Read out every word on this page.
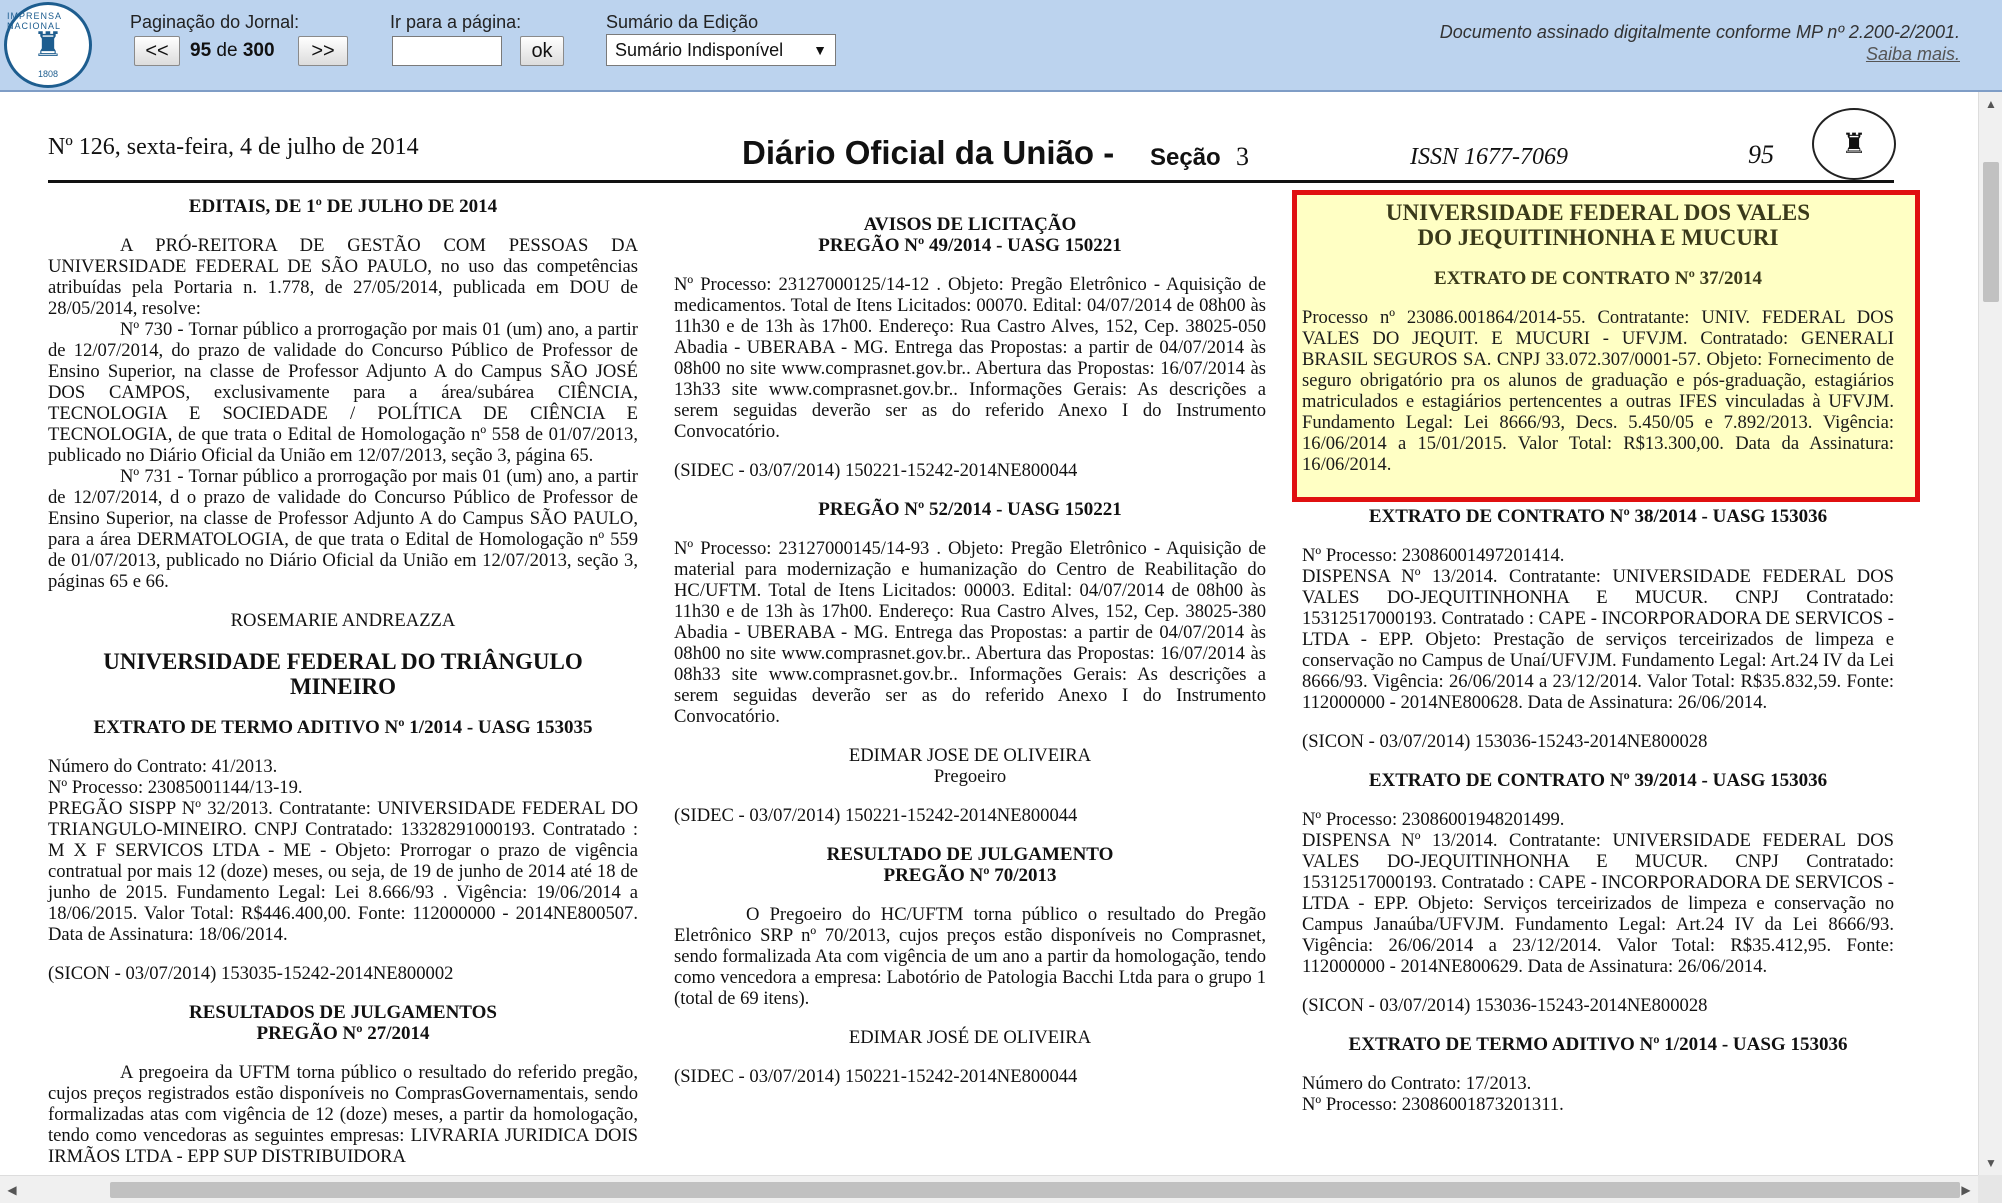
IMPRENSA NACIONAL
♜
1808
Paginação do Jornal:
<<	95 de 300	>>
Ir para a página:
ok
Sumário da Edição
Sumário Indisponível ▼
Documento assinado digitalmente conforme MP nº 2.200-2/2001.
Saiba mais.
Nº 126, sexta-feira, 4 de julho de 2014	Diário Oficial da União - Seção 3	ISSN 1677-7069	95	♜

EDITAIS, DE 1º DE JULHO DE 2014

A PRÓ-REITORA DE GESTÃO COM PESSOAS DA UNIVERSIDADE FEDERAL DE SÃO PAULO, no uso das competências atribuídas pela Portaria n. 1.778, de 27/05/2014, publicada em DOU de 28/05/2014, resolve:

Nº 730 - Tornar público a prorrogação por mais 01 (um) ano, a partir de 12/07/2014, do prazo de validade do Concurso Público de Professor de Ensino Superior, na classe de Professor Adjunto A do Campus SÃO JOSÉ DOS CAMPOS, exclusivamente para a área/subárea CIÊNCIA, TECNOLOGIA E SOCIEDADE / POLÍTICA DE CIÊNCIA E TECNOLOGIA, de que trata o Edital de Homologação nº 558 de 01/07/2013, publicado no Diário Oficial da União em 12/07/2013, seção 3, página 65.

Nº 731 - Tornar público a prorrogação por mais 01 (um) ano, a partir de 12/07/2014, d o prazo de validade do Concurso Público de Professor de Ensino Superior, na classe de Professor Adjunto A do Campus SÃO PAULO, para a área DERMATOLOGIA, de que trata o Edital de Homologação nº 559 de 01/07/2013, publicado no Diário Oficial da União em 12/07/2013, seção 3, páginas 65 e 66.

ROSEMARIE ANDREAZZA

UNIVERSIDADE FEDERAL DO TRIÂNGULO MINEIRO

EXTRATO DE TERMO ADITIVO Nº 1/2014 - UASG 153035

Número do Contrato: 41/2013.

Nº Processo: 23085001144/13-19.

PREGÃO SISPP Nº 32/2013. Contratante: UNIVERSIDADE FEDERAL DO TRIANGULO-MINEIRO. CNPJ Contratado: 13328291000193. Contratado : M X F SERVICOS LTDA - ME - Objeto: Prorrogar o prazo de vigência contratual por mais 12 (doze) meses, ou seja, de 19 de junho de 2014 até 18 de junho de 2015. Fundamento Legal: Lei 8.666/93 . Vigência: 19/06/2014 a 18/06/2015. Valor Total: R$446.400,00. Fonte: 112000000 - 2014NE800507. Data de Assinatura: 18/06/2014.

(SICON - 03/07/2014) 153035-15242-2014NE800002

RESULTADOS DE JULGAMENTOS

PREGÃO Nº 27/2014

A pregoeira da UFTM torna público o resultado do referido pregão, cujos preços registrados estão disponíveis no ComprasGovernamentais, sendo formalizadas atas com vigência de 12 (doze) meses, a partir da homologação, tendo como vencedoras as seguintes empresas: LIVRARIA JURIDICA DOIS IRMÃOS LTDA - EPP SUP DISTRIBUIDORA

AVISOS DE LICITAÇÃO

PREGÃO Nº 49/2014 - UASG 150221

Nº Processo: 23127000125/14-12 . Objeto: Pregão Eletrônico - Aquisição de medicamentos. Total de Itens Licitados: 00070. Edital: 04/07/2014 de 08h00 às 11h30 e de 13h às 17h00. Endereço: Rua Castro Alves, 152, Cep. 38025-050 Abadia - UBERABA - MG. Entrega das Propostas: a partir de 04/07/2014 às 08h00 no site www.comprasnet.gov.br.. Abertura das Propostas: 16/07/2014 às 13h33 site www.comprasnet.gov.br.. Informações Gerais: As descrições a serem seguidas deverão ser as do referido Anexo I do Instrumento Convocatório.

(SIDEC - 03/07/2014) 150221-15242-2014NE800044

PREGÃO Nº 52/2014 - UASG 150221

Nº Processo: 23127000145/14-93 . Objeto: Pregão Eletrônico - Aquisição de material para modernização e humanização do Centro de Reabilitação do HC/UFTM. Total de Itens Licitados: 00003. Edital: 04/07/2014 de 08h00 às 11h30 e de 13h às 17h00. Endereço: Rua Castro Alves, 152, Cep. 38025-380 Abadia - UBERABA - MG. Entrega das Propostas: a partir de 04/07/2014 às 08h00 no site www.comprasnet.gov.br.. Abertura das Propostas: 16/07/2014 às 08h33 site www.comprasnet.gov.br.. Informações Gerais: As descrições a serem seguidas deverão ser as do referido Anexo I do Instrumento Convocatório.

EDIMAR JOSE DE OLIVEIRA

Pregoeiro

(SIDEC - 03/07/2014) 150221-15242-2014NE800044

RESULTADO DE JULGAMENTO

PREGÃO Nº 70/2013

O Pregoeiro do HC/UFTM torna público o resultado do Pregão Eletrônico SRP nº 70/2013, cujos preços estão disponíveis no Comprasnet, sendo formalizada Ata com vigência de um ano a partir da homologação, tendo como vencedora a empresa: Labotório de Patologia Bacchi Ltda para o grupo 1 (total de 69 itens).

EDIMAR JOSÉ DE OLIVEIRA

(SIDEC - 03/07/2014) 150221-15242-2014NE800044

UNIVERSIDADE FEDERAL DOS VALES

DO JEQUITINHONHA E MUCURI

EXTRATO DE CONTRATO Nº 37/2014

Processo nº 23086.001864/2014-55. Contratante: UNIV. FEDERAL DOS VALES DO JEQUIT. E MUCURI - UFVJM. Contratado: GENERALI BRASIL SEGUROS SA. CNPJ 33.072.307/0001-57. Objeto: Fornecimento de seguro obrigatório pra os alunos de graduação e pós-graduação, estagiários matriculados e estagiários pertencentes a outras IFES vinculadas à UFVJM. Fundamento Legal: Lei 8666/93, Decs. 5.450/05 e 7.892/2013. Vigência: 16/06/2014 a 15/01/2015. Valor Total: R$13.300,00. Data da Assinatura: 16/06/2014.

EXTRATO DE CONTRATO Nº 38/2014 - UASG 153036

Nº Processo: 23086001497201414.

DISPENSA Nº 13/2014. Contratante: UNIVERSIDADE FEDERAL DOS VALES DO-JEQUITINHONHA E MUCUR. CNPJ Contratado: 15312517000193. Contratado : CAPE - INCORPORADORA DE SERVICOS -LTDA - EPP. Objeto: Prestação de serviços terceirizados de limpeza e conservação no Campus de Unaí/UFVJM. Fundamento Legal: Art.24 IV da Lei 8666/93. Vigência: 26/06/2014 a 23/12/2014. Valor Total: R$35.832,59. Fonte: 112000000 - 2014NE800628. Data de Assinatura: 26/06/2014.

(SICON - 03/07/2014) 153036-15243-2014NE800028

EXTRATO DE CONTRATO Nº 39/2014 - UASG 153036

Nº Processo: 23086001948201499.

DISPENSA Nº 13/2014. Contratante: UNIVERSIDADE FEDERAL DOS VALES DO-JEQUITINHONHA E MUCUR. CNPJ Contratado: 15312517000193. Contratado : CAPE - INCORPORADORA DE SERVICOS -LTDA - EPP. Objeto: Serviços terceirizados de limpeza e conservação no Campus Janaúba/UFVJM. Fundamento Legal: Art.24 IV da Lei 8666/93. Vigência: 26/06/2014 a 23/12/2014. Valor Total: R$35.412,95. Fonte: 112000000 - 2014NE800629. Data de Assinatura: 26/06/2014.

(SICON - 03/07/2014) 153036-15243-2014NE800028

EXTRATO DE TERMO ADITIVO Nº 1/2014 - UASG 153036

Número do Contrato: 17/2013.

Nº Processo: 23086001873201311.

▲
▼
◀	▶
